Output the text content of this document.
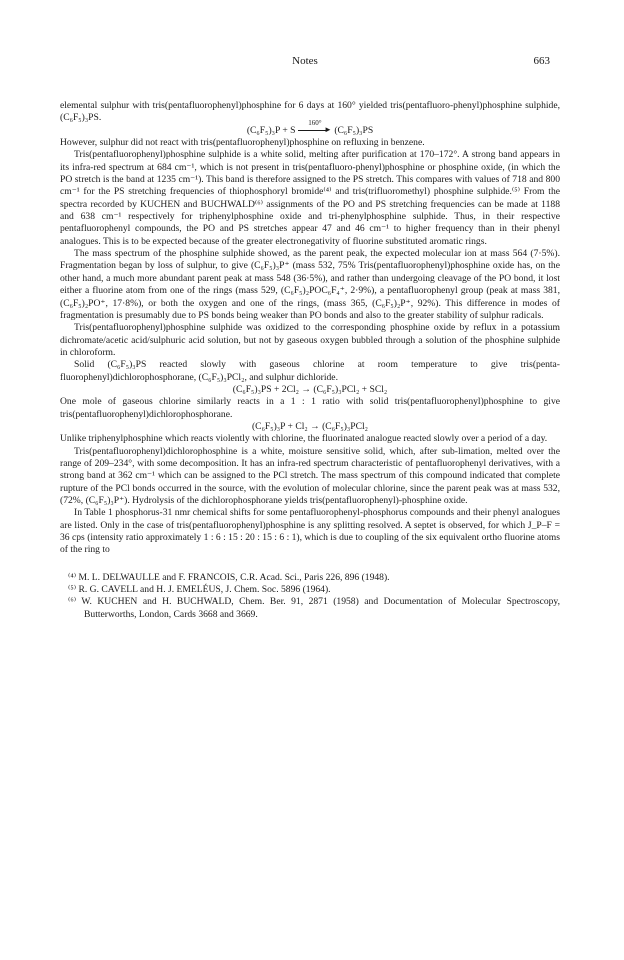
Notes	663

elemental sulphur with tris(pentafluorophenyl)phosphine for 6 days at 160° yielded tris(pentafluoro-phenyl)phosphine sulphide, (C₆F₅)₃PS.

(C₆F₅)₃P + S
160°
► (C₆F₅)₃PS

However, sulphur did not react with tris(pentafluorophenyl)phosphine on refluxing in benzene.

Tris(pentafluorophenyl)phosphine sulphide is a white solid, melting after purification at 170–172°. A strong band appears in its infra-red spectrum at 684 cm⁻¹, which is not present in tris(pentafluoro-phenyl)phosphine or phosphine oxide, (in which the PO stretch is the band at 1235 cm⁻¹). This band is therefore assigned to the PS stretch. This compares with values of 718 and 800 cm⁻¹ for the PS stretching frequencies of thiophosphoryl bromide⁽⁴⁾ and tris(trifluoromethyl) phosphine sulphide.⁽⁵⁾ From the spectra recorded by KUCHEN and BUCHWALD⁽⁶⁾ assignments of the PO and PS stretching frequencies can be made at 1188 and 638 cm⁻¹ respectively for triphenylphosphine oxide and tri-phenylphosphine sulphide. Thus, in their respective pentafluorophenyl compounds, the PO and PS stretches appear 47 and 46 cm⁻¹ to higher frequency than in their phenyl analogues. This is to be expected because of the greater electronegativity of fluorine substituted aromatic rings.

The mass spectrum of the phosphine sulphide showed, as the parent peak, the expected molecular ion at mass 564 (7·5%). Fragmentation began by loss of sulphur, to give (C₆F₅)₃P⁺ (mass 532, 75% Tris(pentafluorophenyl)phosphine oxide has, on the other hand, a much more abundant parent peak at mass 548 (36·5%), and rather than undergoing cleavage of the PO bond, it lost either a fluorine atom from one of the rings (mass 529, (C₆F₅)₂POC₆F₄⁺, 2·9%), a pentafluorophenyl group (peak at mass 381, (C₆F₅)₂PO⁺, 17·8%), or both the oxygen and one of the rings, (mass 365, (C₆F₅)₂P⁺, 92%). This difference in modes of fragmentation is presumably due to PS bonds being weaker than PO bonds and also to the greater stability of sulphur radicals.

Tris(pentafluorophenyl)phosphine sulphide was oxidized to the corresponding phosphine oxide by reflux in a potassium dichromate/acetic acid/sulphuric acid solution, but not by gaseous oxygen bubbled through a solution of the phosphine sulphide in chloroform.

Solid (C₆F₅)₃PS reacted slowly with gaseous chlorine at room temperature to give tris(penta-fluorophenyl)dichlorophosphorane, (C₆F₅)₃PCl₂, and sulphur dichloride.

(C₆F₅)₃PS + 2Cl₂ → (C₆F₅)₃PCl₂ + SCl₂

One mole of gaseous chlorine similarly reacts in a 1 : 1 ratio with solid tris(pentafluorophenyl)phosphine to give tris(pentafluorophenyl)dichlorophosphorane.

(C₆F₅)₃P + Cl₂ → (C₆F₅)₃PCl₂

Unlike triphenylphosphine which reacts violently with chlorine, the fluorinated analogue reacted slowly over a period of a day.

Tris(pentafluorophenyl)dichlorophosphine is a white, moisture sensitive solid, which, after sub-limation, melted over the range of 209–234°, with some decomposition. It has an infra-red spectrum characteristic of pentafluorophenyl derivatives, with a strong band at 362 cm⁻¹ which can be assigned to the PCl stretch. The mass spectrum of this compound indicated that complete rupture of the PCl bonds occurred in the source, with the evolution of molecular chlorine, since the parent peak was at mass 532, (72%, (C₆F₅)₃P⁺). Hydrolysis of the dichlorophosphorane yields tris(pentafluorophenyl)-phosphine oxide.

In Table 1 phosphorus-31 nmr chemical shifts for some pentafluorophenyl-phosphorus compounds and their phenyl analogues are listed. Only in the case of tris(pentafluorophenyl)phosphine is any splitting resolved. A septet is observed, for which J_P–F = 36 cps (intensity ratio approximately 1 : 6 : 15 : 20 : 15 : 6 : 1), which is due to coupling of the six equivalent ortho fluorine atoms of the ring to

⁽⁴⁾ M. L. DELWAULLE and F. FRANCOIS, C.R. Acad. Sci., Paris 226, 896 (1948).

⁽⁵⁾ R. G. CAVELL and H. J. EMELÉUS, J. Chem. Soc. 5896 (1964).

⁽⁶⁾ W. KUCHEN and H. BUCHWALD, Chem. Ber. 91, 2871 (1958) and Documentation of Molecular Spectroscopy, Butterworths, London, Cards 3668 and 3669.
